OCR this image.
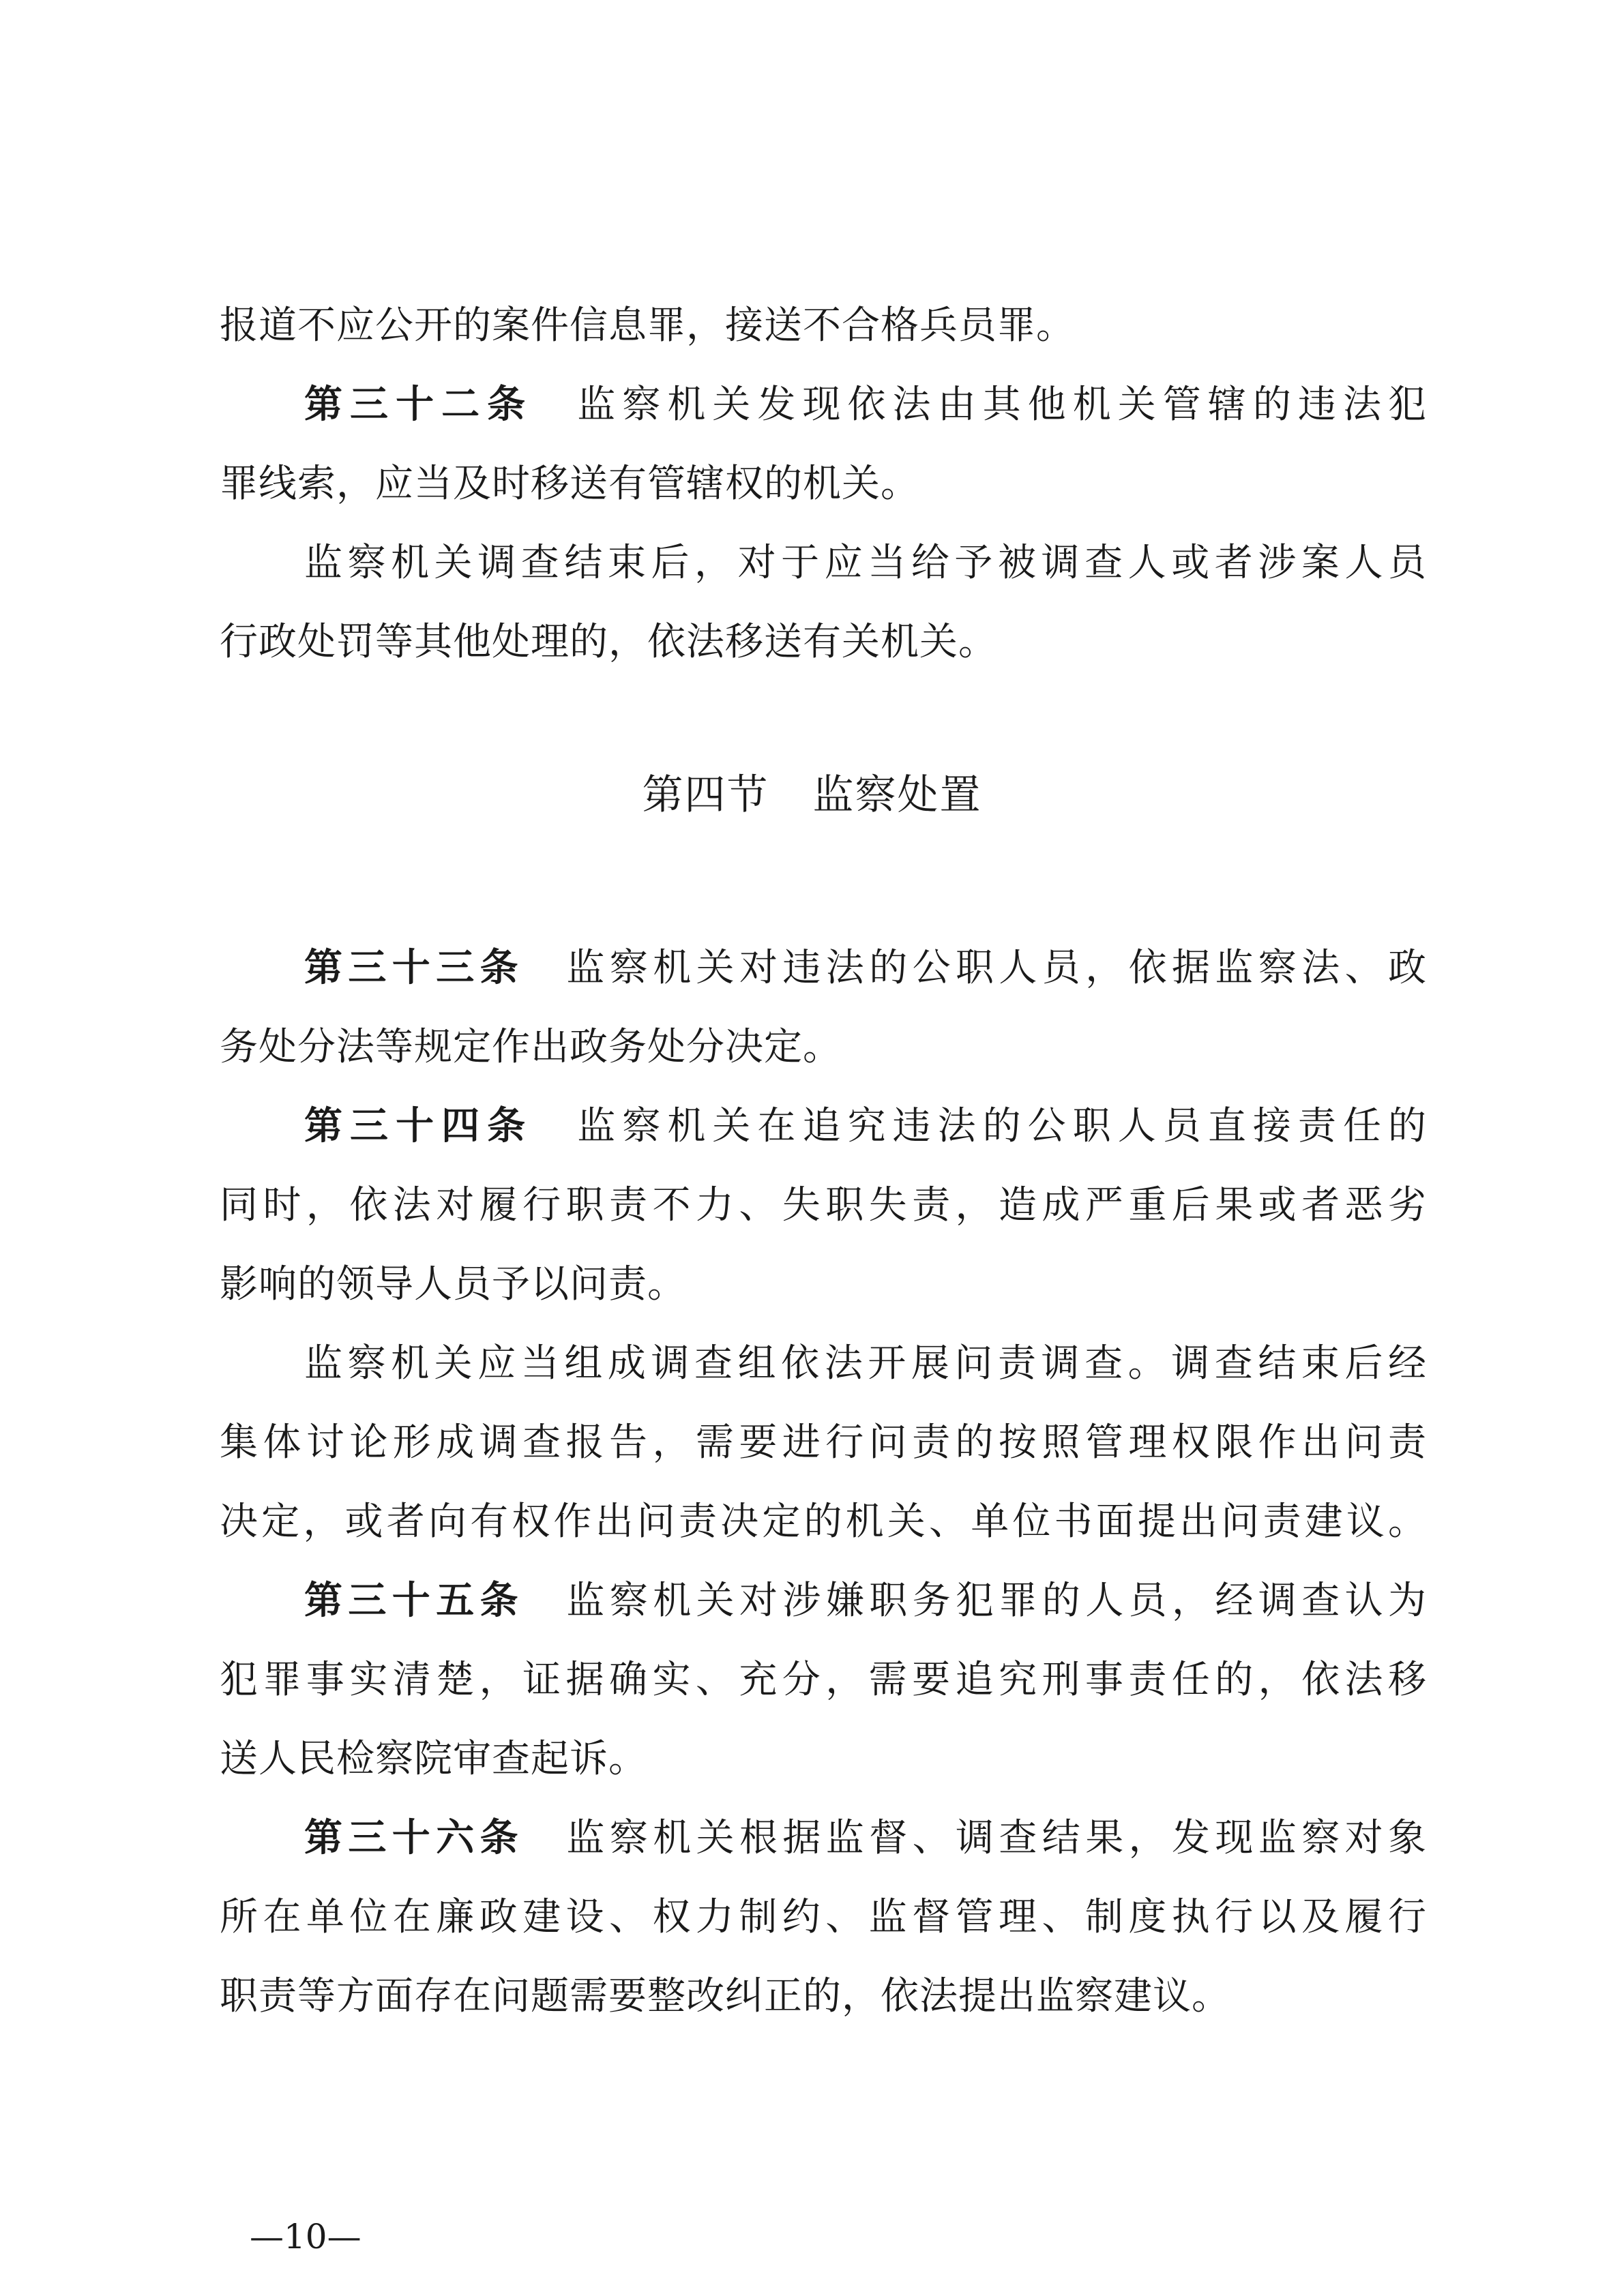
报道不应公开的案件信息罪，接送不合格兵员罪。
第三十二条 监察机关发现依法由其他机关管辖的违法犯
罪线索，应当及时移送有管辖权的机关。
监察机关调查结束后，对于应当给予被调查人或者涉案人员
行政处罚等其他处理的，依法移送有关机关。
第四节 监察处置
第三十三条 监察机关对违法的公职人员，依据监察法、政
务处分法等规定作出政务处分决定。
第三十四条 监察机关在追究违法的公职人员直接责任的
同时，依法对履行职责不力、失职失责，造成严重后果或者恶劣
影响的领导人员予以问责。
监察机关应当组成调查组依法开展问责调查。调查结束后经
集体讨论形成调查报告，需要进行问责的按照管理权限作出问责
决定，或者向有权作出问责决定的机关、单位书面提出问责建议。
第三十五条 监察机关对涉嫌职务犯罪的人员，经调查认为
犯罪事实清楚，证据确实、充分，需要追究刑事责任的，依法移
送人民检察院审查起诉。
第三十六条 监察机关根据监督、调查结果，发现监察对象
所在单位在廉政建设、权力制约、监督管理、制度执行以及履行
职责等方面存在问题需要整改纠正的，依法提出监察建议。
—10—
